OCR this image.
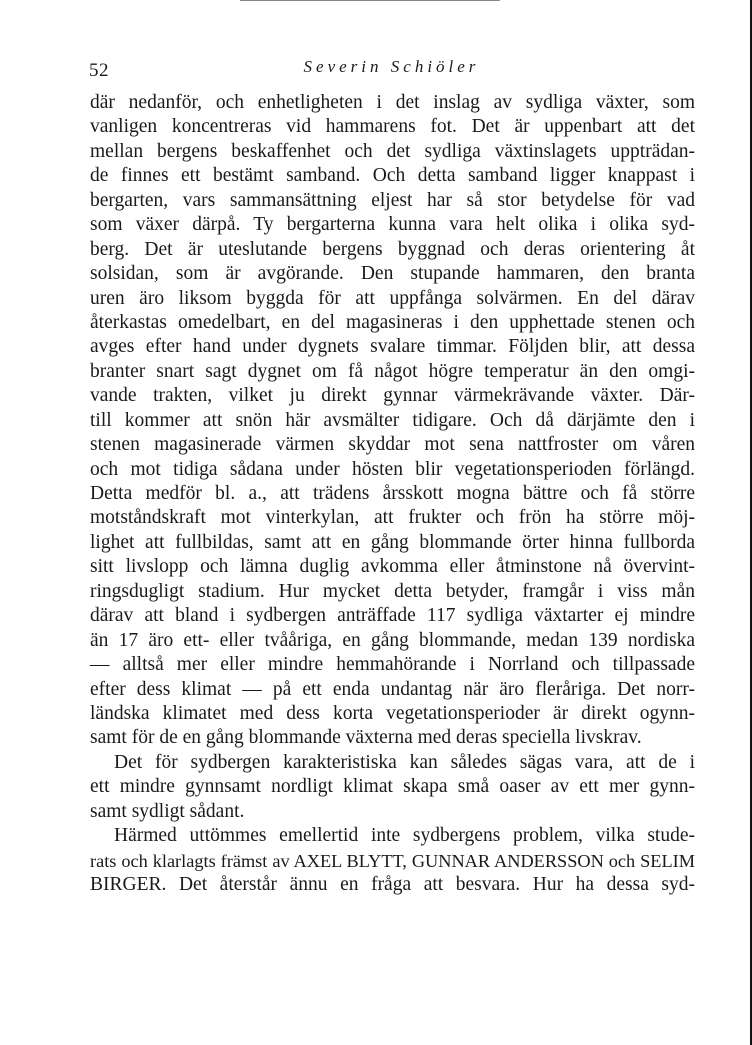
52	Severin Schiöler
där nedanför, och enhetligheten i det inslag av sydliga växter, som
vanligen koncentreras vid hammarens fot. Det är uppenbart att det
mellan bergens beskaffenhet och det sydliga växtinslagets uppträdan-
de finnes ett bestämt samband. Och detta samband ligger knappast i
bergarten, vars sammansättning eljest har så stor betydelse för vad
som växer därpå. Ty bergarterna kunna vara helt olika i olika syd-
berg. Det är uteslutande bergens byggnad och deras orientering åt
solsidan, som är avgörande. Den stupande hammaren, den branta
uren äro liksom byggda för att uppfånga solvärmen. En del därav
återkastas omedelbart, en del magasineras i den upphettade stenen och
avges efter hand under dygnets svalare timmar. Följden blir, att dessa
branter snart sagt dygnet om få något högre temperatur än den omgi-
vande trakten, vilket ju direkt gynnar värmekrävande växter. Där-
till kommer att snön här avsmälter tidigare. Och då därjämte den i
stenen magasinerade värmen skyddar mot sena nattfroster om våren
och mot tidiga sådana under hösten blir vegetationsperioden förlängd.
Detta medför bl. a., att trädens årsskott mogna bättre och få större
motståndskraft mot vinterkylan, att frukter och frön ha större möj-
lighet att fullbildas, samt att en gång blommande örter hinna fullborda
sitt livslopp och lämna duglig avkomma eller åtminstone nå övervint-
ringsdugligt stadium. Hur mycket detta betyder, framgår i viss mån
därav att bland i sydbergen anträffade 117 sydliga växtarter ej mindre
än 17 äro ett- eller tvååriga, en gång blommande, medan 139 nordiska
— alltså mer eller mindre hemmahörande i Norrland och tillpassade
efter dess klimat — på ett enda undantag när äro fleråriga. Det norr-
ländska klimatet med dess korta vegetationsperioder är direkt ogynn-
samt för de en gång blommande växterna med deras speciella livskrav.
Det för sydbergen karakteristiska kan således sägas vara, att de i
ett mindre gynnsamt nordligt klimat skapa små oaser av ett mer gynn-
samt sydligt sådant.
Härmed uttömmes emellertid inte sydbergens problem, vilka stude-
rats och klarlagts främst av AXEL BLYTT, GUNNAR ANDERSSON och SELIM
BIRGER. Det återstår ännu en fråga att besvara. Hur ha dessa syd-
